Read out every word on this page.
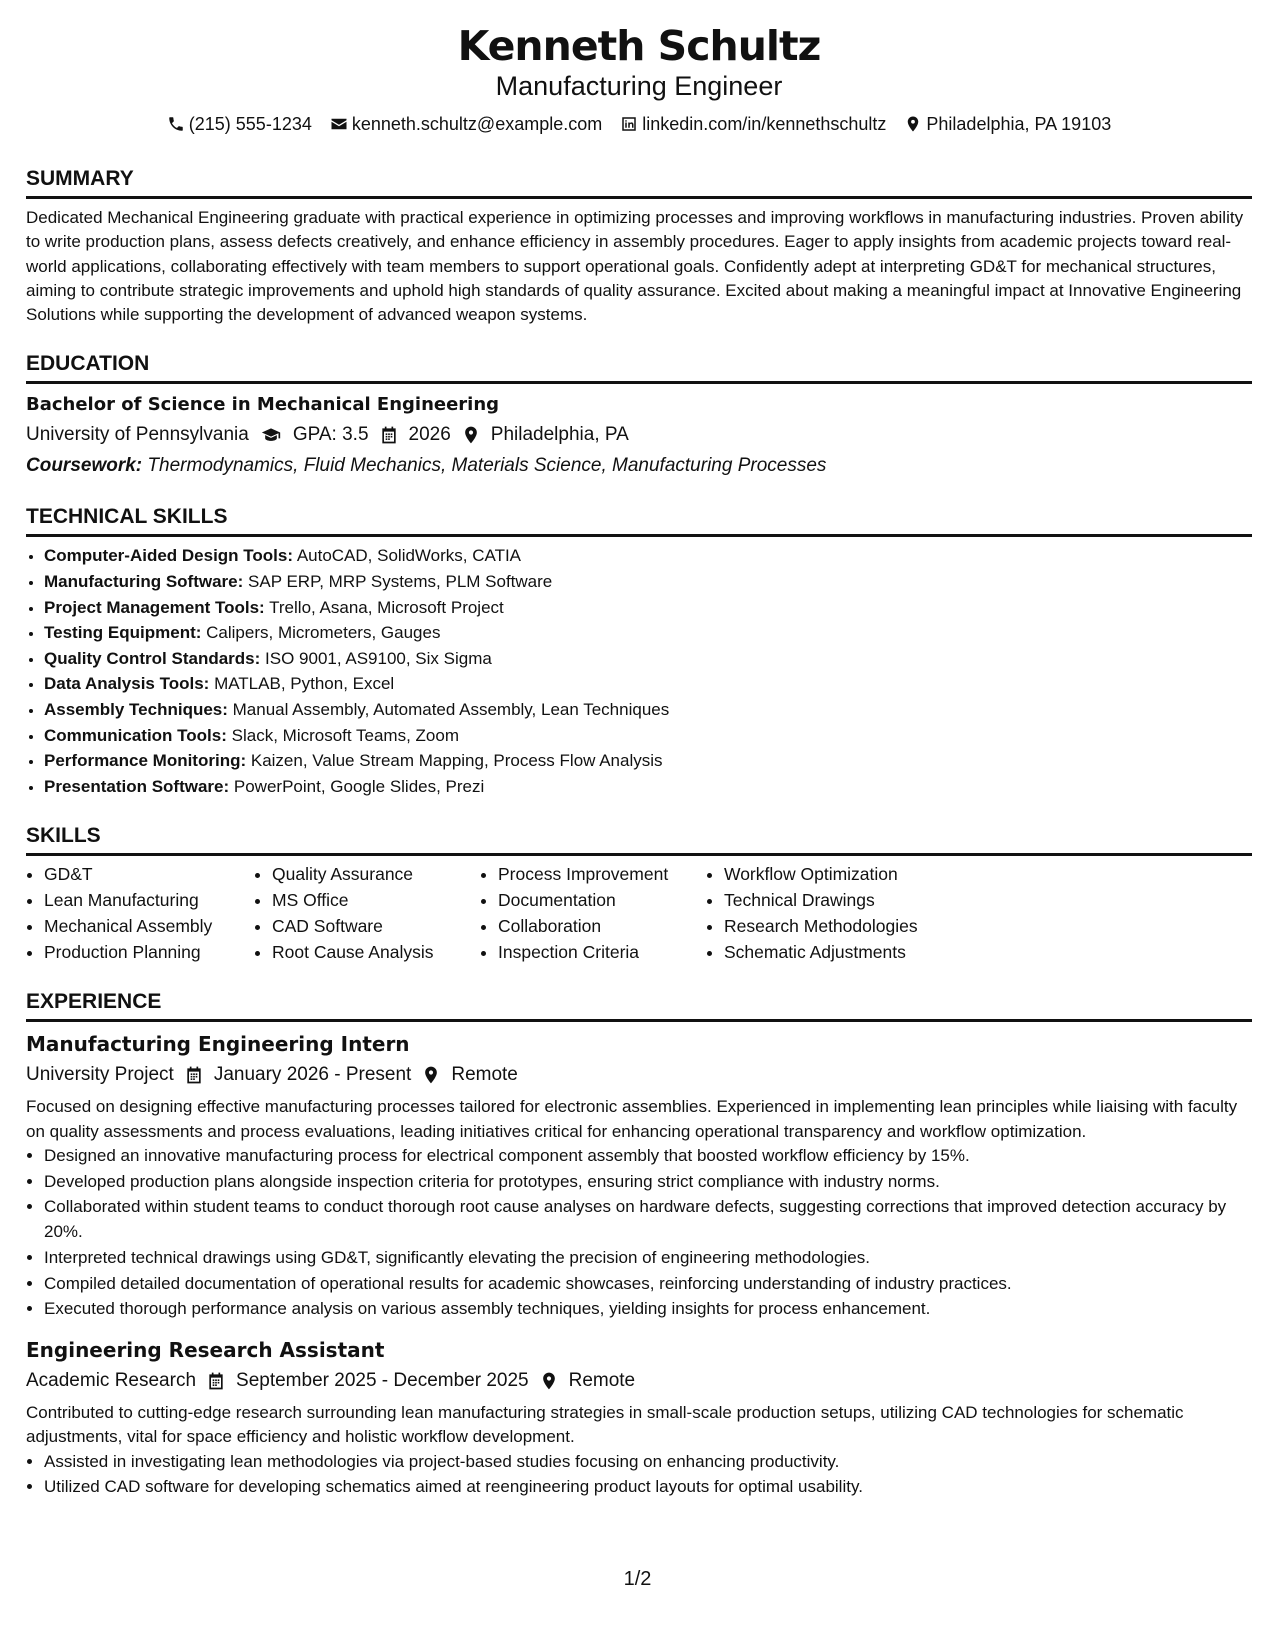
Kenneth Schultz
Manufacturing Engineer
(215) 555-1234 kenneth.schultz@example.com linkedin.com/in/kennethschultz Philadelphia, PA 19103
SUMMARY

Dedicated Mechanical Engineering graduate with practical experience in optimizing processes and improving workflows in manufacturing industries. Proven ability to write production plans, assess defects creatively, and enhance efficiency in assembly procedures. Eager to apply insights from academic projects toward real-world applications, collaborating effectively with team members to support operational goals. Confidently adept at interpreting GD&T for mechanical structures, aiming to contribute strategic improvements and uphold high standards of quality assurance. Excited about making a meaningful impact at Innovative Engineering Solutions while supporting the development of advanced weapon systems.

EDUCATION
Bachelor of Science in Mechanical Engineering
University of Pennsylvania GPA: 3.5 2026 Philadelphia, PA
Coursework: Thermodynamics, Fluid Mechanics, Materials Science, Manufacturing Processes
TECHNICAL SKILLS
• Computer-Aided Design Tools: AutoCAD, SolidWorks, CATIA
• Manufacturing Software: SAP ERP, MRP Systems, PLM Software
• Project Management Tools: Trello, Asana, Microsoft Project
• Testing Equipment: Calipers, Micrometers, Gauges
• Quality Control Standards: ISO 9001, AS9100, Six Sigma
• Data Analysis Tools: MATLAB, Python, Excel
• Assembly Techniques: Manual Assembly, Automated Assembly, Lean Techniques
• Communication Tools: Slack, Microsoft Teams, Zoom
• Performance Monitoring: Kaizen, Value Stream Mapping, Process Flow Analysis
• Presentation Software: PowerPoint, Google Slides, Prezi
SKILLS
• GD&T
• Lean Manufacturing
• Mechanical Assembly
• Production Planning
• Quality Assurance
• MS Office
• CAD Software
• Root Cause Analysis
• Process Improvement
• Documentation
• Collaboration
• Inspection Criteria
• Workflow Optimization
• Technical Drawings
• Research Methodologies
• Schematic Adjustments
EXPERIENCE
Manufacturing Engineering Intern
University Project January 2026 - Present Remote

Focused on designing effective manufacturing processes tailored for electronic assemblies. Experienced in implementing lean principles while liaising with faculty on quality assessments and process evaluations, leading initiatives critical for enhancing operational transparency and workflow optimization.

• Designed an innovative manufacturing process for electrical component assembly that boosted workflow efficiency by 15%.
• Developed production plans alongside inspection criteria for prototypes, ensuring strict compliance with industry norms.
• Collaborated within student teams to conduct thorough root cause analyses on hardware defects, suggesting corrections that improved detection accuracy by 20%.
• Interpreted technical drawings using GD&T, significantly elevating the precision of engineering methodologies.
• Compiled detailed documentation of operational results for academic showcases, reinforcing understanding of industry practices.
• Executed thorough performance analysis on various assembly techniques, yielding insights for process enhancement.
Engineering Research Assistant
Academic Research September 2025 - December 2025 Remote

Contributed to cutting-edge research surrounding lean manufacturing strategies in small-scale production setups, utilizing CAD technologies for schematic adjustments, vital for space efficiency and holistic workflow development.

• Assisted in investigating lean methodologies via project-based studies focusing on enhancing productivity.
• Utilized CAD software for developing schematics aimed at reengineering product layouts for optimal usability.
1/2
